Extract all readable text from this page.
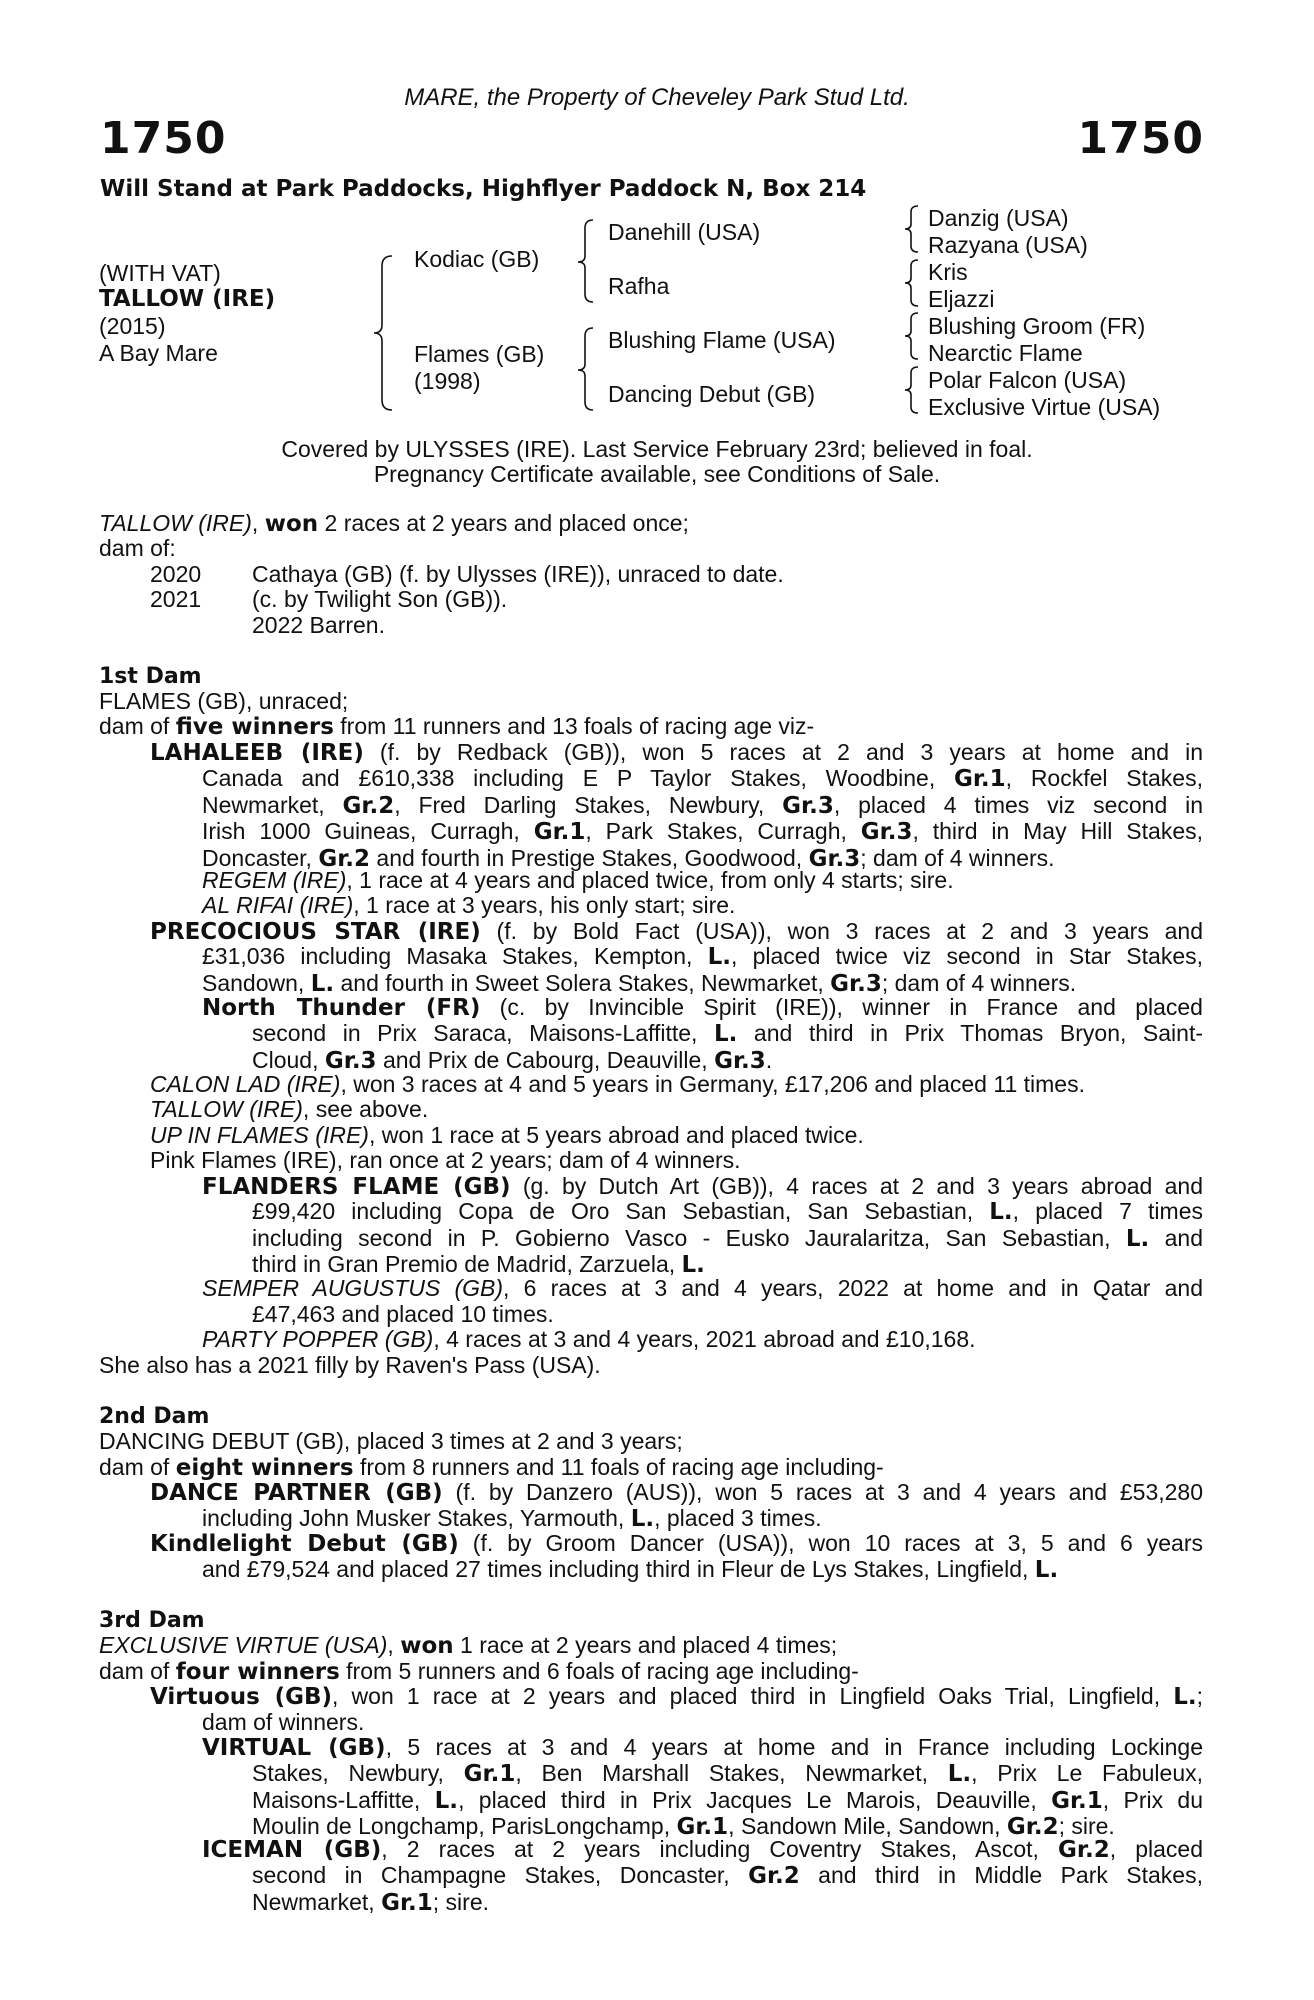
MARE, the Property of Cheveley Park Stud Ltd.
1750	1750
Will Stand at Park Paddocks, Highflyer Paddock N, Box 214
(WITH VAT)
TALLOW (IRE)
(2015)
A Bay Mare
Kodiac (GB)
Flames (GB)
(1998)
Danehill (USA)
Rafha
Blushing Flame (USA)
Dancing Debut (GB)
Danzig (USA)
Razyana (USA)
Kris
Eljazzi
Blushing Groom (FR)
Nearctic Flame
Polar Falcon (USA)
Exclusive Virtue (USA)
Covered by ULYSSES (IRE). Last Service February 23rd; believed in foal.
Pregnancy Certificate available, see Conditions of Sale.
TALLOW (IRE), won 2 races at 2 years and placed once;
dam of:
2020 Cathaya (GB) (f. by Ulysses (IRE)), unraced to date.
2021 (c. by Twilight Son (GB)).
2022 Barren.
1st Dam
FLAMES (GB), unraced;
dam of five winners from 11 runners and 13 foals of racing age viz-
LAHALEEB (IRE) (f. by Redback (GB)), won 5 races at 2 and 3 years at home and in
Canada and £610,338 including E P Taylor Stakes, Woodbine, Gr.1, Rockfel Stakes,
Newmarket, Gr.2, Fred Darling Stakes, Newbury, Gr.3, placed 4 times viz second in
Irish 1000 Guineas, Curragh, Gr.1, Park Stakes, Curragh, Gr.3, third in May Hill Stakes,
Doncaster, Gr.2 and fourth in Prestige Stakes, Goodwood, Gr.3; dam of 4 winners.
REGEM (IRE), 1 race at 4 years and placed twice, from only 4 starts; sire.
AL RIFAI (IRE), 1 race at 3 years, his only start; sire.
PRECOCIOUS STAR (IRE) (f. by Bold Fact (USA)), won 3 races at 2 and 3 years and
£31,036 including Masaka Stakes, Kempton, L., placed twice viz second in Star Stakes,
Sandown, L. and fourth in Sweet Solera Stakes, Newmarket, Gr.3; dam of 4 winners.
North Thunder (FR) (c. by Invincible Spirit (IRE)), winner in France and placed
second in Prix Saraca, Maisons-Laffitte, L. and third in Prix Thomas Bryon, Saint-
Cloud, Gr.3 and Prix de Cabourg, Deauville, Gr.3.
CALON LAD (IRE), won 3 races at 4 and 5 years in Germany, £17,206 and placed 11 times.
TALLOW (IRE), see above.
UP IN FLAMES (IRE), won 1 race at 5 years abroad and placed twice.
Pink Flames (IRE), ran once at 2 years; dam of 4 winners.
FLANDERS FLAME (GB) (g. by Dutch Art (GB)), 4 races at 2 and 3 years abroad and
£99,420 including Copa de Oro San Sebastian, San Sebastian, L., placed 7 times
including second in P. Gobierno Vasco - Eusko Jauralaritza, San Sebastian, L. and
third in Gran Premio de Madrid, Zarzuela, L.
SEMPER AUGUSTUS (GB), 6 races at 3 and 4 years, 2022 at home and in Qatar and
£47,463 and placed 10 times.
PARTY POPPER (GB), 4 races at 3 and 4 years, 2021 abroad and £10,168.
She also has a 2021 filly by Raven's Pass (USA).
2nd Dam
DANCING DEBUT (GB), placed 3 times at 2 and 3 years;
dam of eight winners from 8 runners and 11 foals of racing age including-
DANCE PARTNER (GB) (f. by Danzero (AUS)), won 5 races at 3 and 4 years and £53,280
including John Musker Stakes, Yarmouth, L., placed 3 times.
Kindlelight Debut (GB) (f. by Groom Dancer (USA)), won 10 races at 3, 5 and 6 years
and £79,524 and placed 27 times including third in Fleur de Lys Stakes, Lingfield, L.
3rd Dam
EXCLUSIVE VIRTUE (USA), won 1 race at 2 years and placed 4 times;
dam of four winners from 5 runners and 6 foals of racing age including-
Virtuous (GB), won 1 race at 2 years and placed third in Lingfield Oaks Trial, Lingfield, L.;
dam of winners.
VIRTUAL (GB), 5 races at 3 and 4 years at home and in France including Lockinge
Stakes, Newbury, Gr.1, Ben Marshall Stakes, Newmarket, L., Prix Le Fabuleux,
Maisons-Laffitte, L., placed third in Prix Jacques Le Marois, Deauville, Gr.1, Prix du
Moulin de Longchamp, ParisLongchamp, Gr.1, Sandown Mile, Sandown, Gr.2; sire.
ICEMAN (GB), 2 races at 2 years including Coventry Stakes, Ascot, Gr.2, placed
second in Champagne Stakes, Doncaster, Gr.2 and third in Middle Park Stakes,
Newmarket, Gr.1; sire.
